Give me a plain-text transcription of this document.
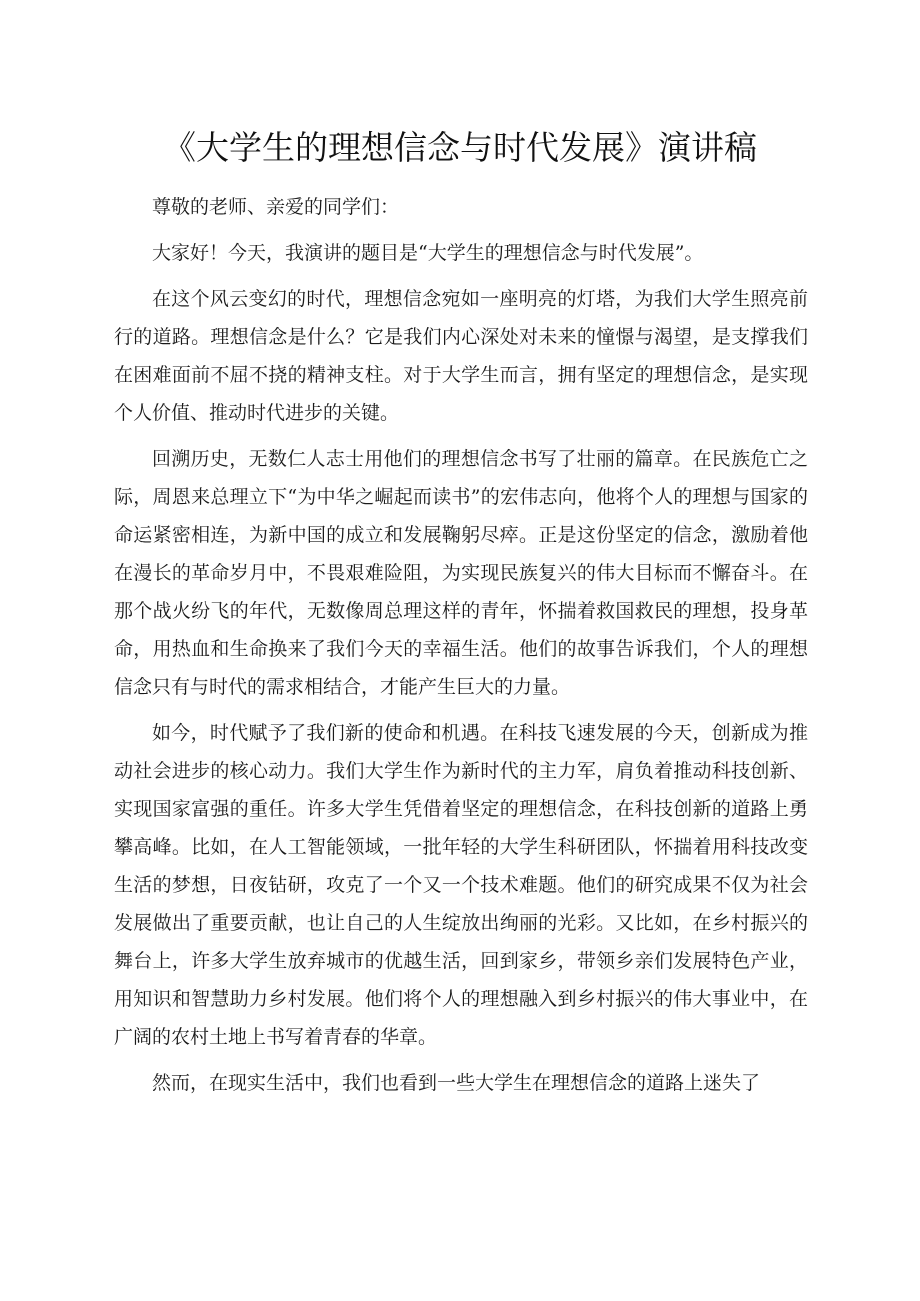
《大学生的理想信念与时代发展》演讲稿

尊敬的老师、亲爱的同学们：

大家好！今天，我演讲的题目是“大学生的理想信念与时代发展”。

在这个风云变幻的时代，理想信念宛如一座明亮的灯塔，为我们大学生照亮前行的道路。理想信念是什么？它是我们内心深处对未来的憧憬与渴望，是支撑我们在困难面前不屈不挠的精神支柱。对于大学生而言，拥有坚定的理想信念，是实现个人价值、推动时代进步的关键。

回溯历史，无数仁人志士用他们的理想信念书写了壮丽的篇章。在民族危亡之际，周恩来总理立下“为中华之崛起而读书”的宏伟志向，他将个人的理想与国家的命运紧密相连，为新中国的成立和发展鞠躬尽瘁。正是这份坚定的信念，激励着他在漫长的革命岁月中，不畏艰难险阻，为实现民族复兴的伟大目标而不懈奋斗。在那个战火纷飞的年代，无数像周总理这样的青年，怀揣着救国救民的理想，投身革命，用热血和生命换来了我们今天的幸福生活。他们的故事告诉我们，个人的理想信念只有与时代的需求相结合，才能产生巨大的力量。

如今，时代赋予了我们新的使命和机遇。在科技飞速发展的今天，创新成为推动社会进步的核心动力。我们大学生作为新时代的主力军，肩负着推动科技创新、实现国家富强的重任。许多大学生凭借着坚定的理想信念，在科技创新的道路上勇攀高峰。比如，在人工智能领域，一批年轻的大学生科研团队，怀揣着用科技改变生活的梦想，日夜钻研，攻克了一个又一个技术难题。他们的研究成果不仅为社会发展做出了重要贡献，也让自己的人生绽放出绚丽的光彩。又比如，在乡村振兴的舞台上，许多大学生放弃城市的优越生活，回到家乡，带领乡亲们发展特色产业，用知识和智慧助力乡村发展。他们将个人的理想融入到乡村振兴的伟大事业中，在广阔的农村土地上书写着青春的华章。

然而，在现实生活中，我们也看到一些大学生在理想信念的道路上迷失了
